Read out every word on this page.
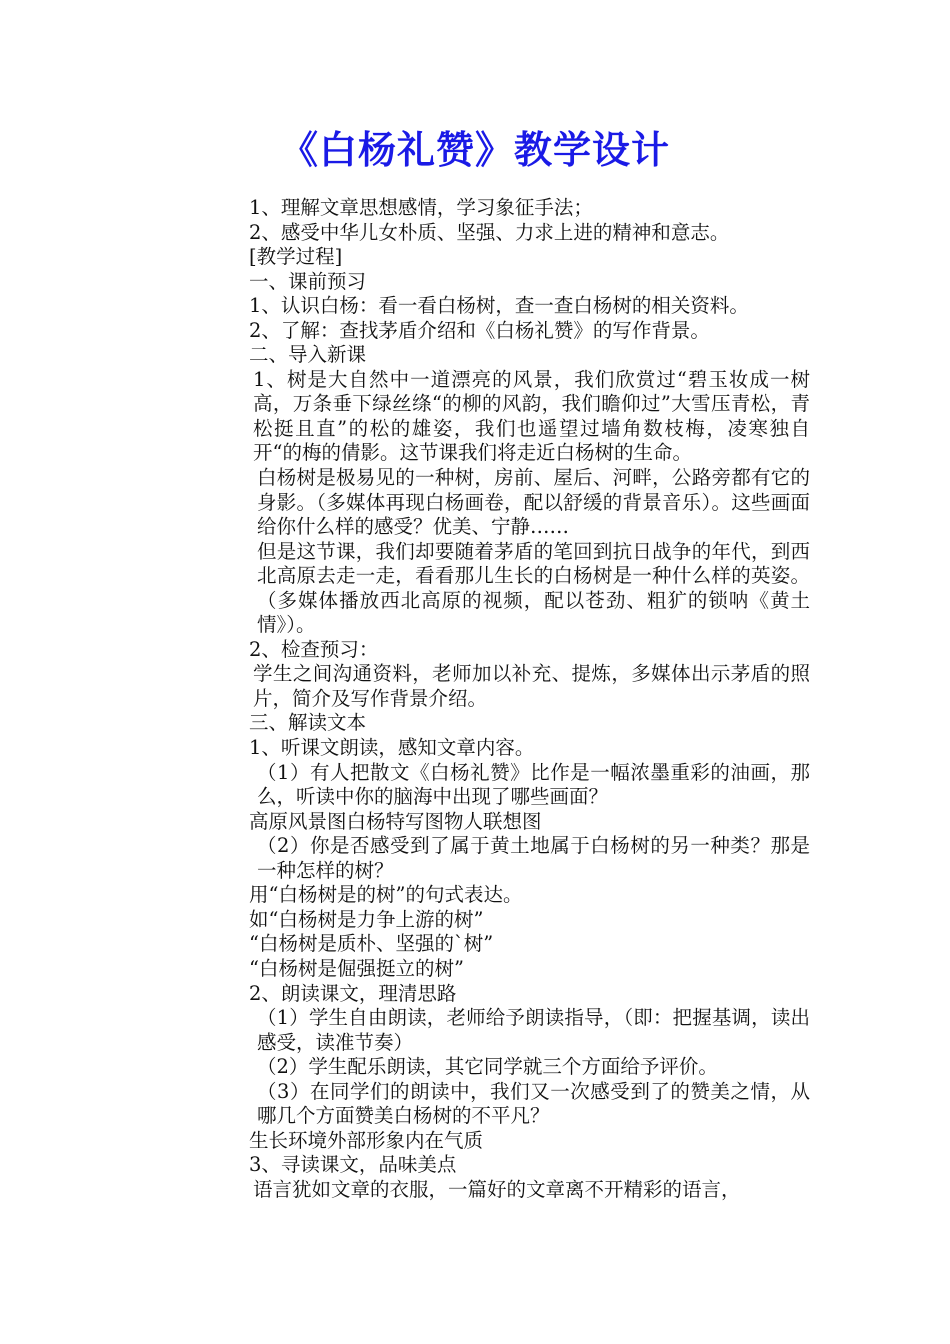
《白杨礼赞》教学设计

1、理解文章思想感情，学习象征手法；

2、感受中华儿女朴质、坚强、力求上进的精神和意志。

[教学过程]

一、课前预习

1、认识白杨：看一看白杨树，查一查白杨树的相关资料。

2、了解：查找茅盾介绍和《白杨礼赞》的写作背景。

二、导入新课

1、树是大自然中一道漂亮的风景，我们欣赏过“碧玉妆成一树高，万条垂下绿丝绦“的柳的风韵，我们瞻仰过”大雪压青松，青松挺且直”的松的雄姿，我们也遥望过墙角数枝梅，凌寒独自开“的梅的倩影。这节课我们将走近白杨树的生命。

白杨树是极易见的一种树，房前、屋后、河畔，公路旁都有它的身影。（多媒体再现白杨画卷，配以舒缓的背景音乐）。这些画面给你什么样的感受？优美、宁静……

但是这节课，我们却要随着茅盾的笔回到抗日战争的年代，到西北高原去走一走，看看那儿生长的白杨树是一种什么样的英姿。（多媒体播放西北高原的视频，配以苍劲、粗犷的锁呐《黄土情》）。

2、检查预习：

学生之间沟通资料，老师加以补充、提炼，多媒体出示茅盾的照片，简介及写作背景介绍。

三、解读文本

1、听课文朗读，感知文章内容。

（1）有人把散文《白杨礼赞》比作是一幅浓墨重彩的油画，那么，听读中你的脑海中出现了哪些画面？

高原风景图白杨特写图物人联想图

（2）你是否感受到了属于黄土地属于白杨树的另一种类？那是一种怎样的树？

用“白杨树是的树”的句式表达。

如“白杨树是力争上游的树”

“白杨树是质朴、坚强的`树”

“白杨树是倔强挺立的树”

2、朗读课文，理清思路

（1）学生自由朗读，老师给予朗读指导，（即：把握基调，读出感受，读准节奏）

（2）学生配乐朗读，其它同学就三个方面给予评价。

（3）在同学们的朗读中，我们又一次感受到了的赞美之情，从哪几个方面赞美白杨树的不平凡？

生长环境外部形象内在气质

3、寻读课文，品味美点

语言犹如文章的衣服，一篇好的文章离不开精彩的语言，
